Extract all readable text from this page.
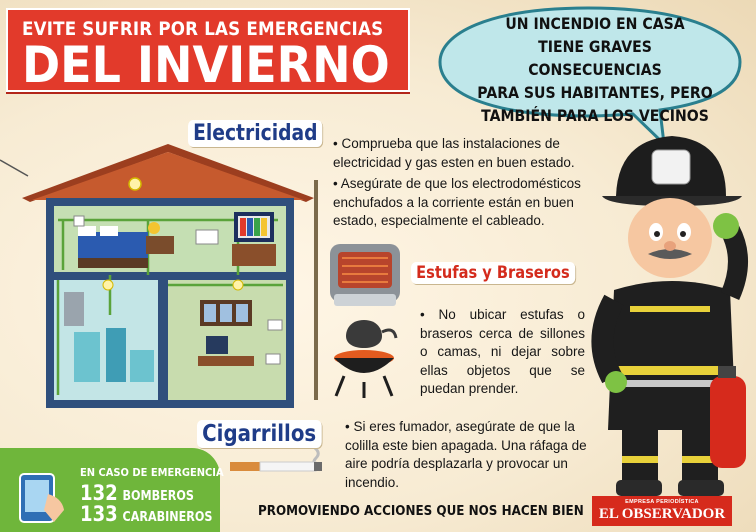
EVITE SUFRIR POR LAS EMERGENCIAS
DEL INVIERNO
UN INCENDIO EN CASA
TIENE GRAVES CONSECUENCIAS
PARA SUS HABITANTES, PERO
TAMBIÉN PARA LOS VECINOS
Electricidad	• Comprueba que las instalaciones de electricidad y gas esten en buen estado.
• Asegúrate de que los electrodomésticos enchufados a la corriente están en buen estado, especialmente el cableado.
Estufas y Braseros
• No ubicar estufas o braseros cerca de sillones o camas, ni dejar sobre ellas objetos que se puedan prender.
Cigarrillos	• Si eres fumador, asegúrate de que la colilla este bien apagada. Una ráfaga de aire podría desplazarla y provocar un incendio.
EN CASO DE EMERGENCIA
132 BOMBEROS
133 CARABINEROS	PROMOVIENDO ACCIONES QUE NOS HACEN BIEN
EMPRESA PERIODÍSTICA
EL OBSERVADOR
